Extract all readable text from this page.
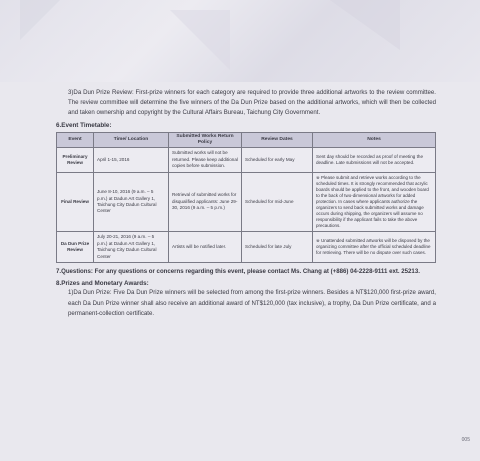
3)Da Dun Prize Review: First-prize winners for each category are required to provide three additional artworks to the review committee. The review committee will determine the five winners of the Da Dun Prize based on the additional artworks, which will then be collected and taken ownership and copyright by the Cultural Affairs Bureau, Taichung City Government.

6.Event Timetable:
Event	Time/ Location	Submitted Works Return Policy	Review Dates	Notes
Preliminary Review	April 1-15, 2016	Submitted works will not be returned. Please keep additional copies before submission.	Scheduled for early May	Sent day should be recorded as proof of meeting the deadline. Late submissions will not be accepted.
Final Review	June 8-10, 2016 (9 a.m. – 5 p.m.) at Dadun Art Gallery 1, Taichung City Dadun Cultural Center	Retrieval of submitted works for disqualified applicants: June 29-30, 2016 (9 a.m. – 5 p.m.)	Scheduled for mid-June	※ Please submit and retrieve works according to the scheduled times. It is strongly recommended that acrylic boards should be applied to the front, and wooden board to the back of two-dimensional artworks for added protection. In cases where applicants authorize the organizers to send back submitted works and damage occurs during shipping, the organizers will assume no responsibility if the applicant fails to take the above precautions.
Da Dun Prize Review	July 20-21, 2016 (9 a.m. – 5 p.m.) at Dadun Art Gallery 1, Taichung City Dadun Cultural Center	Artists will be notified later.	Scheduled for late July	※ Unattended submitted artworks will be disposed by the organizing committee after the official scheduled deadline for retrieving. There will be no dispute over such cases.

7.Questions: For any questions or concerns regarding this event, please contact Ms. Chang at (+886) 04-2228-9111 ext. 25213.

8.Prizes and Monetary Awards:

1)Da Dun Prize: Five Da Dun Prize winners will be selected from among the first-prize winners. Besides a NT$120,000 first-prize award, each Da Dun Prize winner shall also receive an additional award of NT$120,000 (tax inclusive), a trophy, Da Dun Prize certificate, and a permanent-collection certificate.

005
